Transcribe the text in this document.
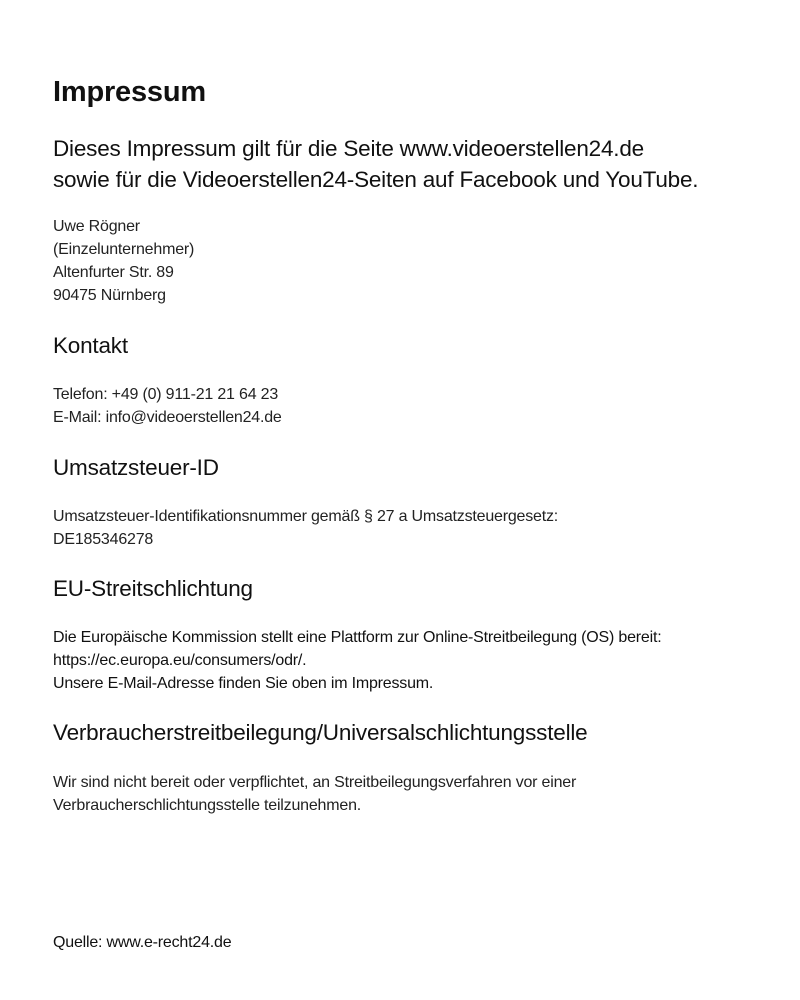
Impressum
Dieses Impressum gilt für die Seite www.videoerstellen24.de
sowie für die Videoerstellen24-Seiten auf Facebook und YouTube.
Uwe Rögner
(Einzelunternehmer)
Altenfurter Str. 89
90475 Nürnberg
Kontakt
Telefon: +49 (0) 911-21 21 64 23
E-Mail: info@videoerstellen24.de
Umsatzsteuer-ID
Umsatzsteuer-Identifikationsnummer gemäß § 27 a Umsatzsteuergesetz:
DE185346278
EU-Streitschlichtung
Die Europäische Kommission stellt eine Plattform zur Online-Streitbeilegung (OS) bereit:
https://ec.europa.eu/consumers/odr/.
Unsere E-Mail-Adresse finden Sie oben im Impressum.
Verbraucherstreitbeilegung/Universalschlichtungsstelle
Wir sind nicht bereit oder verpflichtet, an Streitbeilegungsverfahren vor einer
Verbraucherschlichtungsstelle teilzunehmen.
Quelle: www.e-recht24.de
